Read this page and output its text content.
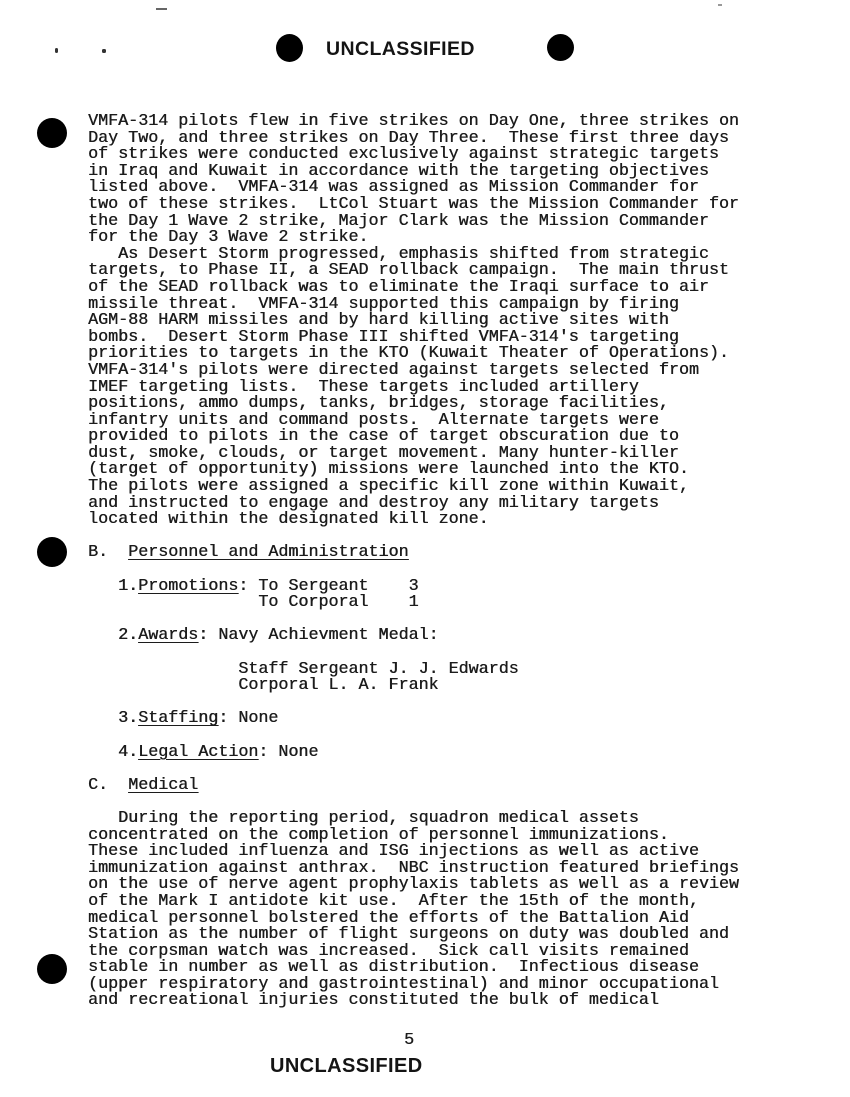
UNCLASSIFIED
VMFA-314 pilots flew in five strikes on Day One, three strikes on
Day Two, and three strikes on Day Three.  These first three days
of strikes were conducted exclusively against strategic targets
in Iraq and Kuwait in accordance with the targeting objectives
listed above.  VMFA-314 was assigned as Mission Commander for
two of these strikes.  LtCol Stuart was the Mission Commander for
the Day 1 Wave 2 strike, Major Clark was the Mission Commander
for the Day 3 Wave 2 strike.
As Desert Storm progressed, emphasis shifted from strategic
targets, to Phase II, a SEAD rollback campaign.  The main thrust
of the SEAD rollback was to eliminate the Iraqi surface to air
missile threat.  VMFA-314 supported this campaign by firing
AGM-88 HARM missiles and by hard killing active sites with
bombs.  Desert Storm Phase III shifted VMFA-314's targeting
priorities to targets in the KTO (Kuwait Theater of Operations).
VMFA-314's pilots were directed against targets selected from
IMEF targeting lists.  These targets included artillery
positions, ammo dumps, tanks, bridges, storage facilities,
infantry units and command posts.  Alternate targets were
provided to pilots in the case of target obscuration due to
dust, smoke, clouds, or target movement. Many hunter-killer
(target of opportunity) missions were launched into the KTO.
The pilots were assigned a specific kill zone within Kuwait,
and instructed to engage and destroy any military targets
located within the designated kill zone.
B.  Personnel and Administration
1.Promotions: To Sergeant    3
To Corporal    1
2.Awards: Navy Achievment Medal:
Staff Sergeant J. J. Edwards
Corporal L. A. Frank
3.Staffing: None
4.Legal Action: None
C.  Medical
During the reporting period, squadron medical assets
concentrated on the completion of personnel immunizations.
These included influenza and ISG injections as well as active
immunization against anthrax.  NBC instruction featured briefings
on the use of nerve agent prophylaxis tablets as well as a review
of the Mark I antidote kit use.  After the 15th of the month,
medical personnel bolstered the efforts of the Battalion Aid
Station as the number of flight surgeons on duty was doubled and
the corpsman watch was increased.  Sick call visits remained
stable in number as well as distribution.  Infectious disease
(upper respiratory and gastrointestinal) and minor occupational
and recreational injuries constituted the bulk of medical
5
UNCLASSIFIED
